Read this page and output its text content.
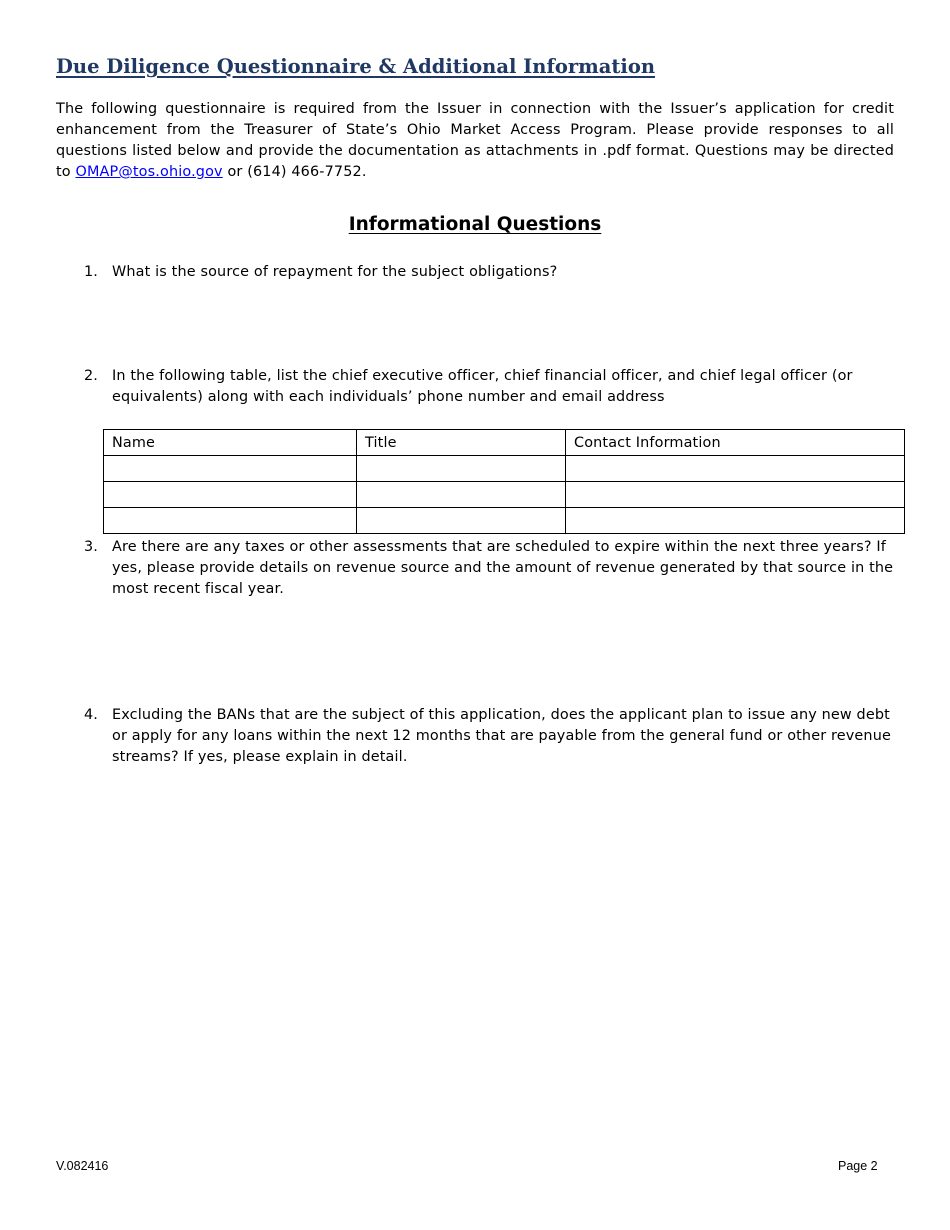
Due Diligence Questionnaire & Additional Information

The following questionnaire is required from the Issuer in connection with the Issuer’s application for credit enhancement from the Treasurer of State’s Ohio Market Access Program. Please provide responses to all questions listed below and provide the documentation as attachments in .pdf format. Questions may be directed to OMAP@tos.ohio.gov or (614) 466-7752.

Informational Questions
1. What is the source of repayment for the subject obligations?
2. In the following table, list the chief executive officer, chief financial officer, and chief legal officer (or equivalents) along with each individuals’ phone number and email address
Name	Title	Contact Information

3. Are there are any taxes or other assessments that are scheduled to expire within the next three years? If yes, please provide details on revenue source and the amount of revenue generated by that source in the most recent fiscal year.
4. Excluding the BANs that are the subject of this application, does the applicant plan to issue any new debt or apply for any loans within the next 12 months that are payable from the general fund or other revenue streams? If yes, please explain in detail.
V.082416	Page 2
